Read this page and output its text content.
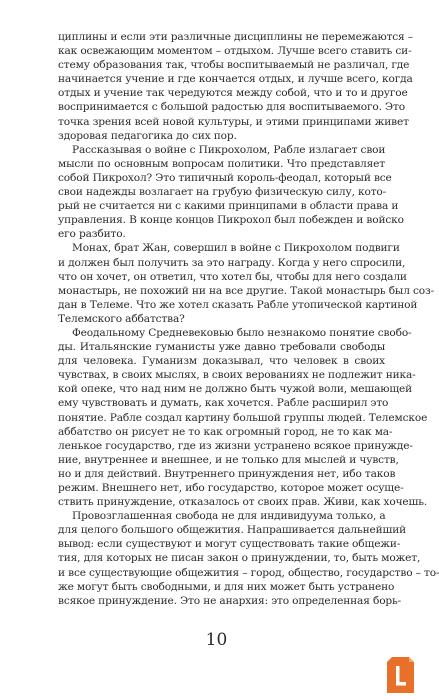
циплины и если эти различные дисциплины не перемежаются –
как освежающим моментом – отдыхом. Лучше всего ставить си-
стему образования так, чтобы воспитываемый не различал, где
начинается учение и где кончается отдых, и лучше всего, когда
отдых и учение так чередуются между собой, что и то и другое
воспринимается с большой радостью для воспитываемого. Это
точка зрения всей новой культуры, и этими принципами живет
здоровая педагогика до сих пор.
Рассказывая о войне с Пикрохолом, Рабле излагает свои
мысли по основным вопросам политики. Что представляет
собой Пикрохол? Это типичный король-феодал, который все
свои надежды возлагает на грубую физическую силу, кото-
рый не считается ни с какими принципами в области права и
управления. В конце концов Пикрохол был побежден и войско
его разбито.
Монах, брат Жан, совершил в войне с Пикрохолом подвиги
и должен был получить за это награду. Когда у него спросили,
что он хочет, он ответил, что хотел бы, чтобы для него создали
монастырь, не похожий ни на все другие. Такой монастырь был соз-
дан в Телеме. Что же хотел сказать Рабле утопической картиной
Телемского аббатства?
Феодальному Средневековью было незнакомо понятие свобо-
ды. Итальянские гуманисты уже давно требовали свободы
для человека. Гуманизм доказывал, что человек в своих
чувствах, в своих мыслях, в своих верованиях не подлежит ника-
кой опеке, что над ним не должно быть чужой воли, мешающей
ему чувствовать и думать, как хочется. Рабле расширил это
понятие. Рабле создал картину большой группы людей. Телемское
аббатство он рисует не то как огромный город, не то как ма-
ленькое государство, где из жизни устранено всякое принужде-
ние, внутреннее и внешнее, и не только для мыслей и чувств,
но и для действий. Внутреннего принуждения нет, ибо таков
режим. Внешнего нет, ибо государство, которое может осуще-
ствить принуждение, отказалось от своих прав. Живи, как хочешь.
Провозглашенная свобода не для индивидуума только, а
для целого большого общежития. Напрашивается дальнейший
вывод: если существуют и могут существовать такие общежи-
тия, для которых не писан закон о принуждении, то, быть может,
и все существующие общежития – город, общество, государство – то-
же могут быть свободными, и для них может быть устранено
всякое принуждение. Это не анархия: это определенная борь-
10
